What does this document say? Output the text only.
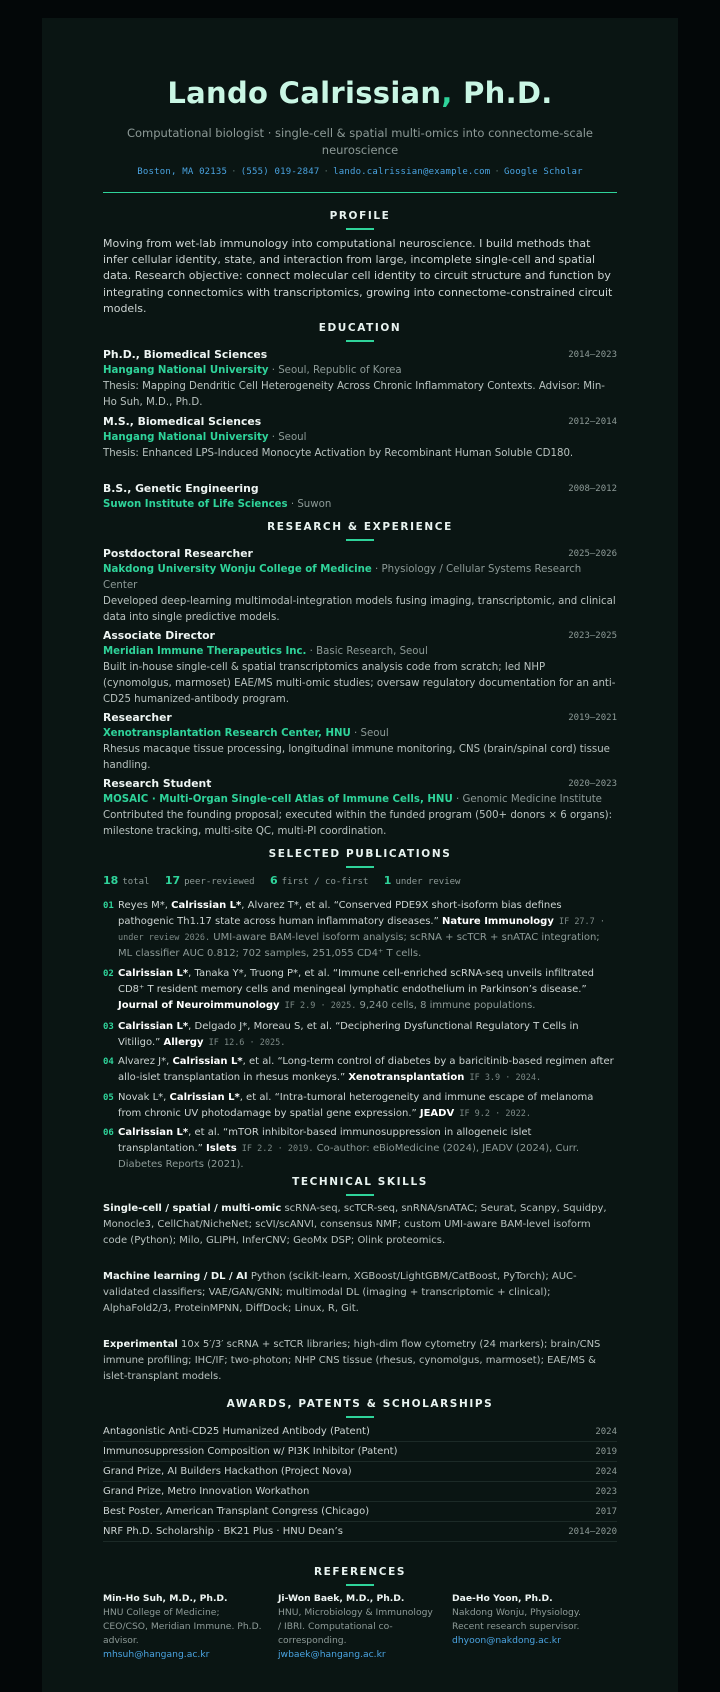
Lando Calrissian, Ph.D.
Computational biologist · single-cell & spatial multi-omics into connectome-scale neuroscience
Boston, MA 02135 · (555) 019-2847 · lando.calrissian@example.com · Google Scholar
PROFILE
Moving from wet-lab immunology into computational neuroscience. I build methods that infer cellular identity, state, and interaction from large, incomplete single-cell and spatial data. Research objective: connect molecular cell identity to circuit structure and function by integrating connectomics with transcriptomics, growing into connectome-constrained circuit models.
EDUCATION
2014–2023
Ph.D., Biomedical Sciences
Hangang National University · Seoul, Republic of Korea
Thesis: Mapping Dendritic Cell Heterogeneity Across Chronic Inflammatory Contexts. Advisor: Min-Ho Suh, M.D., Ph.D.
2012–2014
M.S., Biomedical Sciences
Hangang National University · Seoul
Thesis: Enhanced LPS-Induced Monocyte Activation by Recombinant Human Soluble CD180.
2008–2012
B.S., Genetic Engineering
Suwon Institute of Life Sciences · Suwon
RESEARCH & EXPERIENCE
2025–2026
Postdoctoral Researcher
Nakdong University Wonju College of Medicine · Physiology / Cellular Systems Research Center
Developed deep-learning multimodal-integration models fusing imaging, transcriptomic, and clinical data into single predictive models.
2023–2025
Associate Director
Meridian Immune Therapeutics Inc. · Basic Research, Seoul
Built in-house single-cell & spatial transcriptomics analysis code from scratch; led NHP (cynomolgus, marmoset) EAE/MS multi-omic studies; oversaw regulatory documentation for an anti-CD25 humanized-antibody program.
2019–2021
Researcher
Xenotransplantation Research Center, HNU · Seoul
Rhesus macaque tissue processing, longitudinal immune monitoring, CNS (brain/spinal cord) tissue handling.
2020–2023
Research Student
MOSAIC · Multi-Organ Single-cell Atlas of Immune Cells, HNU · Genomic Medicine Institute
Contributed the founding proposal; executed within the funded program (500+ donors × 6 organs): milestone tracking, multi-site QC, multi-PI coordination.
SELECTED PUBLICATIONS
18 total 17 peer-reviewed 6 first / co-first 1 under review
01 Reyes M*, Calrissian L*, Alvarez T*, et al. “Conserved PDE9X short-isoform bias defines pathogenic Th1.17 state across human inflammatory diseases.” Nature Immunology IF 27.7 · under review 2026. UMI-aware BAM-level isoform analysis; scRNA + scTCR + snATAC integration; ML classifier AUC 0.812; 702 samples, 251,055 CD4⁺ T cells.
02 Calrissian L*, Tanaka Y*, Truong P*, et al. “Immune cell-enriched scRNA-seq unveils infiltrated CD8⁺ T resident memory cells and meningeal lymphatic endothelium in Parkinson’s disease.” Journal of Neuroimmunology IF 2.9 · 2025. 9,240 cells, 8 immune populations.
03 Calrissian L*, Delgado J*, Moreau S, et al. “Deciphering Dysfunctional Regulatory T Cells in Vitiligo.” Allergy IF 12.6 · 2025.
04 Alvarez J*, Calrissian L*, et al. “Long-term control of diabetes by a baricitinib-based regimen after allo-islet transplantation in rhesus monkeys.” Xenotransplantation IF 3.9 · 2024.
05 Novak L*, Calrissian L*, et al. “Intra-tumoral heterogeneity and immune escape of melanoma from chronic UV photodamage by spatial gene expression.” JEADV IF 9.2 · 2022.
06 Calrissian L*, et al. “mTOR inhibitor-based immunosuppression in allogeneic islet transplantation.” Islets IF 2.2 · 2019. Co-author: eBioMedicine (2024), JEADV (2024), Curr. Diabetes Reports (2021).
TECHNICAL SKILLS
Single-cell / spatial / multi-omic scRNA-seq, scTCR-seq, snRNA/snATAC; Seurat, Scanpy, Squidpy, Monocle3, CellChat/NicheNet; scVI/scANVI, consensus NMF; custom UMI-aware BAM-level isoform code (Python); Milo, GLIPH, InferCNV; GeoMx DSP; Olink proteomics.
Machine learning / DL / AI Python (scikit-learn, XGBoost/LightGBM/CatBoost, PyTorch); AUC-validated classifiers; VAE/GAN/GNN; multimodal DL (imaging + transcriptomic + clinical); AlphaFold2/3, ProteinMPNN, DiffDock; Linux, R, Git.
Experimental 10x 5′/3′ scRNA + scTCR libraries; high-dim flow cytometry (24 markers); brain/CNS immune profiling; IHC/IF; two-photon; NHP CNS tissue (rhesus, cynomolgus, marmoset); EAE/MS & islet-transplant models.
AWARDS, PATENTS & SCHOLARSHIPS
Antagonistic Anti-CD25 Humanized Antibody (Patent)	2024
Immunosuppression Composition w/ PI3K Inhibitor (Patent)	2019
Grand Prize, AI Builders Hackathon (Project Nova)	2024
Grand Prize, Metro Innovation Workathon	2023
Best Poster, American Transplant Congress (Chicago)	2017
NRF Ph.D. Scholarship · BK21 Plus · HNU Dean’s	2014–2020
REFERENCES
Min-Ho Suh, M.D., Ph.D.
HNU College of Medicine; CEO/CSO, Meridian Immune. Ph.D. advisor.
mhsuh@hangang.ac.kr
Ji-Won Baek, M.D., Ph.D.
HNU, Microbiology & Immunology / IBRI. Computational co-corresponding.
jwbaek@hangang.ac.kr
Dae-Ho Yoon, Ph.D.
Nakdong Wonju, Physiology. Recent research supervisor.
dhyoon@nakdong.ac.kr
